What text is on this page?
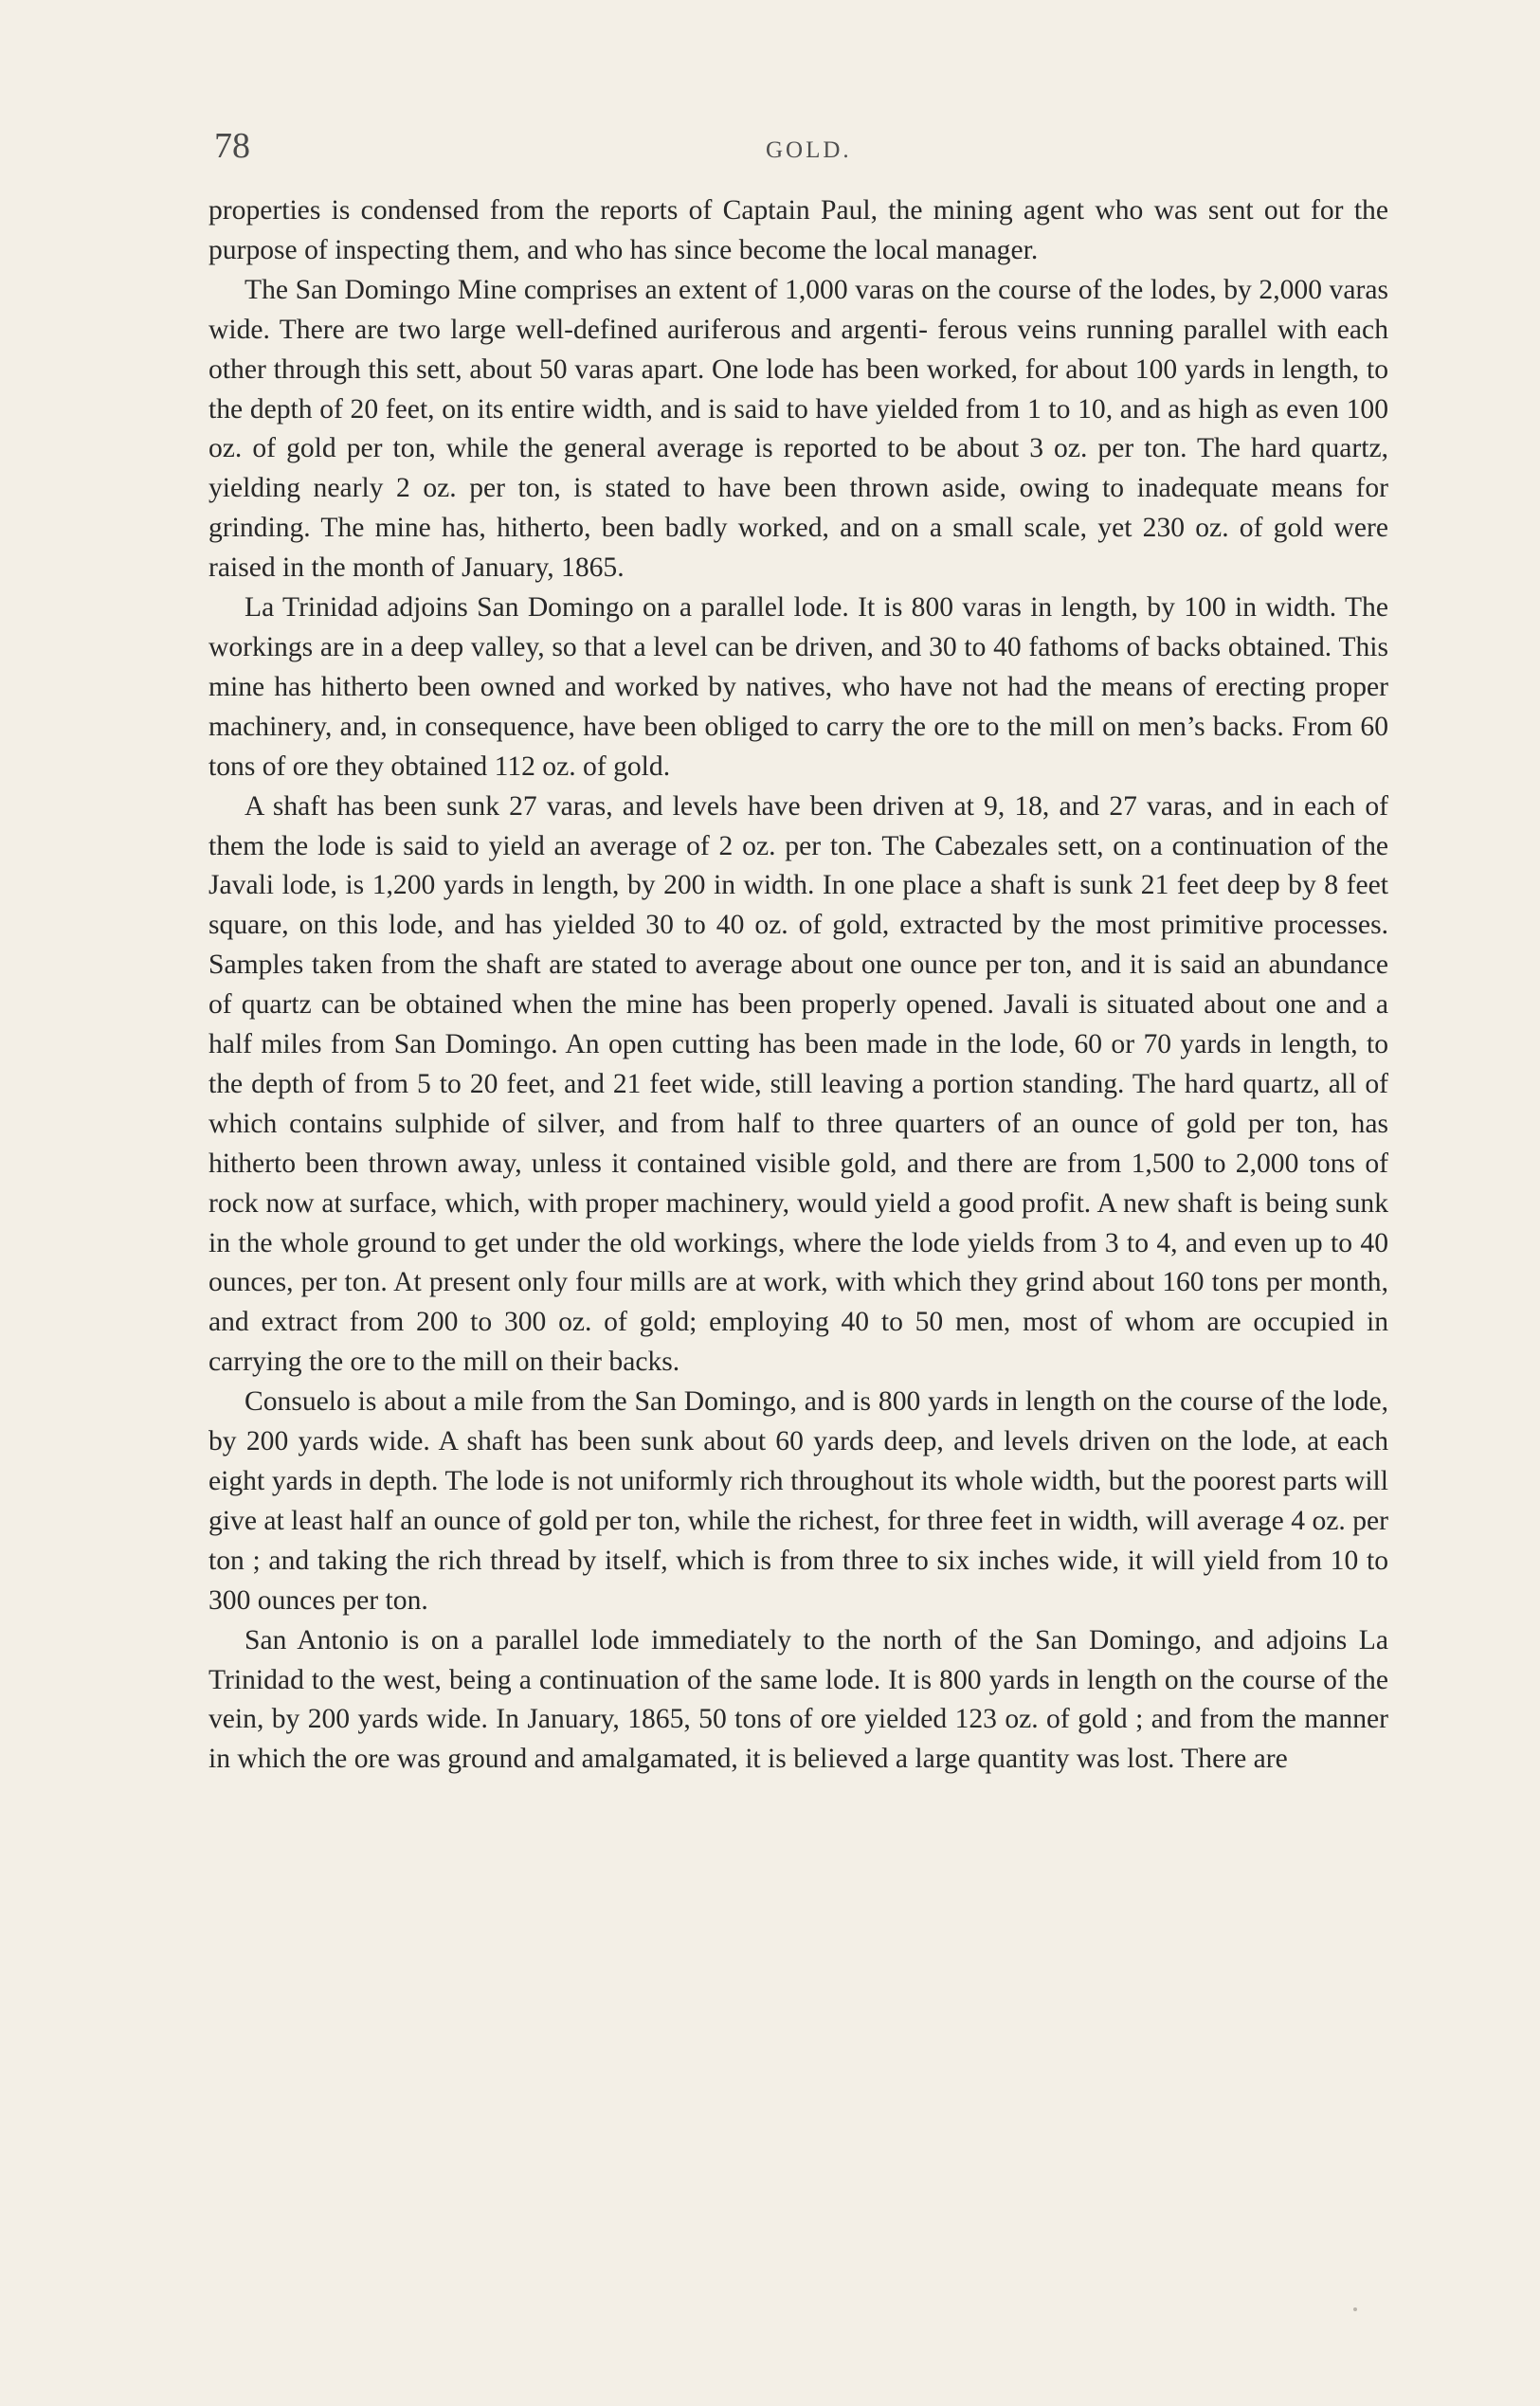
78	GOLD.

properties is condensed from the reports of Captain Paul, the mining agent who was sent out for the purpose of inspecting them, and who has since become the local manager.

The San Domingo Mine comprises an extent of 1,000 varas on the course of the lodes, by 2,000 varas wide. There are two large well-defined auriferous and argenti- ferous veins running parallel with each other through this sett, about 50 varas apart. One lode has been worked, for about 100 yards in length, to the depth of 20 feet, on its entire width, and is said to have yielded from 1 to 10, and as high as even 100 oz. of gold per ton, while the general average is reported to be about 3 oz. per ton. The hard quartz, yielding nearly 2 oz. per ton, is stated to have been thrown aside, owing to inadequate means for grinding. The mine has, hitherto, been badly worked, and on a small scale, yet 230 oz. of gold were raised in the month of January, 1865.

La Trinidad adjoins San Domingo on a parallel lode. It is 800 varas in length, by 100 in width. The workings are in a deep valley, so that a level can be driven, and 30 to 40 fathoms of backs obtained. This mine has hitherto been owned and worked by natives, who have not had the means of erecting proper machinery, and, in consequence, have been obliged to carry the ore to the mill on men’s backs. From 60 tons of ore they obtained 112 oz. of gold.

A shaft has been sunk 27 varas, and levels have been driven at 9, 18, and 27 varas, and in each of them the lode is said to yield an average of 2 oz. per ton. The Cabezales sett, on a continuation of the Javali lode, is 1,200 yards in length, by 200 in width. In one place a shaft is sunk 21 feet deep by 8 feet square, on this lode, and has yielded 30 to 40 oz. of gold, extracted by the most primitive processes. Samples taken from the shaft are stated to average about one ounce per ton, and it is said an abundance of quartz can be obtained when the mine has been properly opened. Javali is situated about one and a half miles from San Domingo. An open cutting has been made in the lode, 60 or 70 yards in length, to the depth of from 5 to 20 feet, and 21 feet wide, still leaving a portion standing. The hard quartz, all of which contains sulphide of silver, and from half to three quarters of an ounce of gold per ton, has hitherto been thrown away, unless it contained visible gold, and there are from 1,500 to 2,000 tons of rock now at surface, which, with proper machinery, would yield a good profit. A new shaft is being sunk in the whole ground to get under the old workings, where the lode yields from 3 to 4, and even up to 40 ounces, per ton. At present only four mills are at work, with which they grind about 160 tons per month, and extract from 200 to 300 oz. of gold; employing 40 to 50 men, most of whom are occupied in carrying the ore to the mill on their backs.

Consuelo is about a mile from the San Domingo, and is 800 yards in length on the course of the lode, by 200 yards wide. A shaft has been sunk about 60 yards deep, and levels driven on the lode, at each eight yards in depth. The lode is not uniformly rich throughout its whole width, but the poorest parts will give at least half an ounce of gold per ton, while the richest, for three feet in width, will average 4 oz. per ton ; and taking the rich thread by itself, which is from three to six inches wide, it will yield from 10 to 300 ounces per ton.

San Antonio is on a parallel lode immediately to the north of the San Domingo, and adjoins La Trinidad to the west, being a continuation of the same lode. It is 800 yards in length on the course of the vein, by 200 yards wide. In January, 1865, 50 tons of ore yielded 123 oz. of gold ; and from the manner in which the ore was ground and amalgamated, it is believed a large quantity was lost. There are
